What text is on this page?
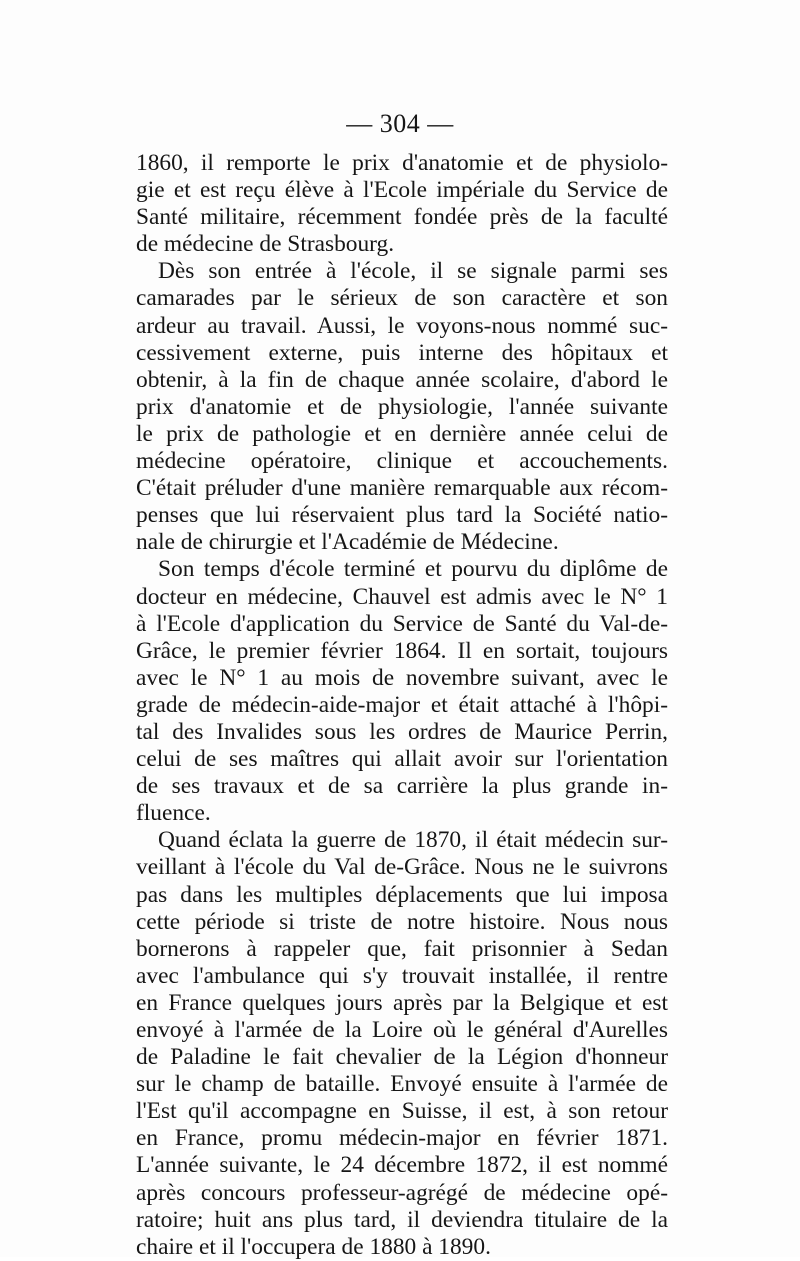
— 304 —
1860, il remporte le prix d'anatomie et de physiolo-
gie et est reçu élève à l'Ecole impériale du Service de
Santé militaire, récemment fondée près de la faculté
de médecine de Strasbourg.
Dès son entrée à l'école, il se signale parmi ses
camarades par le sérieux de son caractère et son
ardeur au travail. Aussi, le voyons-nous nommé suc-
cessivement externe, puis interne des hôpitaux et
obtenir, à la fin de chaque année scolaire, d'abord le
prix d'anatomie et de physiologie, l'année suivante
le prix de pathologie et en dernière année celui de
médecine opératoire, clinique et accouchements.
C'était préluder d'une manière remarquable aux récom-
penses que lui réservaient plus tard la Société natio-
nale de chirurgie et l'Académie de Médecine.
Son temps d'école terminé et pourvu du diplôme de
docteur en médecine, Chauvel est admis avec le N° 1
à l'Ecole d'application du Service de Santé du Val-de-
Grâce, le premier février 1864. Il en sortait, toujours
avec le N° 1 au mois de novembre suivant, avec le
grade de médecin-aide-major et était attaché à l'hôpi-
tal des Invalides sous les ordres de Maurice Perrin,
celui de ses maîtres qui allait avoir sur l'orientation
de ses travaux et de sa carrière la plus grande in-
fluence.
Quand éclata la guerre de 1870, il était médecin sur-
veillant à l'école du Val de-Grâce. Nous ne le suivrons
pas dans les multiples déplacements que lui imposa
cette période si triste de notre histoire. Nous nous
bornerons à rappeler que, fait prisonnier à Sedan
avec l'ambulance qui s'y trouvait installée, il rentre
en France quelques jours après par la Belgique et est
envoyé à l'armée de la Loire où le général d'Aurelles
de Paladine le fait chevalier de la Légion d'honneur
sur le champ de bataille. Envoyé ensuite à l'armée de
l'Est qu'il accompagne en Suisse, il est, à son retour
en France, promu médecin-major en février 1871.
L'année suivante, le 24 décembre 1872, il est nommé
après concours professeur-agrégé de médecine opé-
ratoire; huit ans plus tard, il deviendra titulaire de la
chaire et il l'occupera de 1880 à 1890.
